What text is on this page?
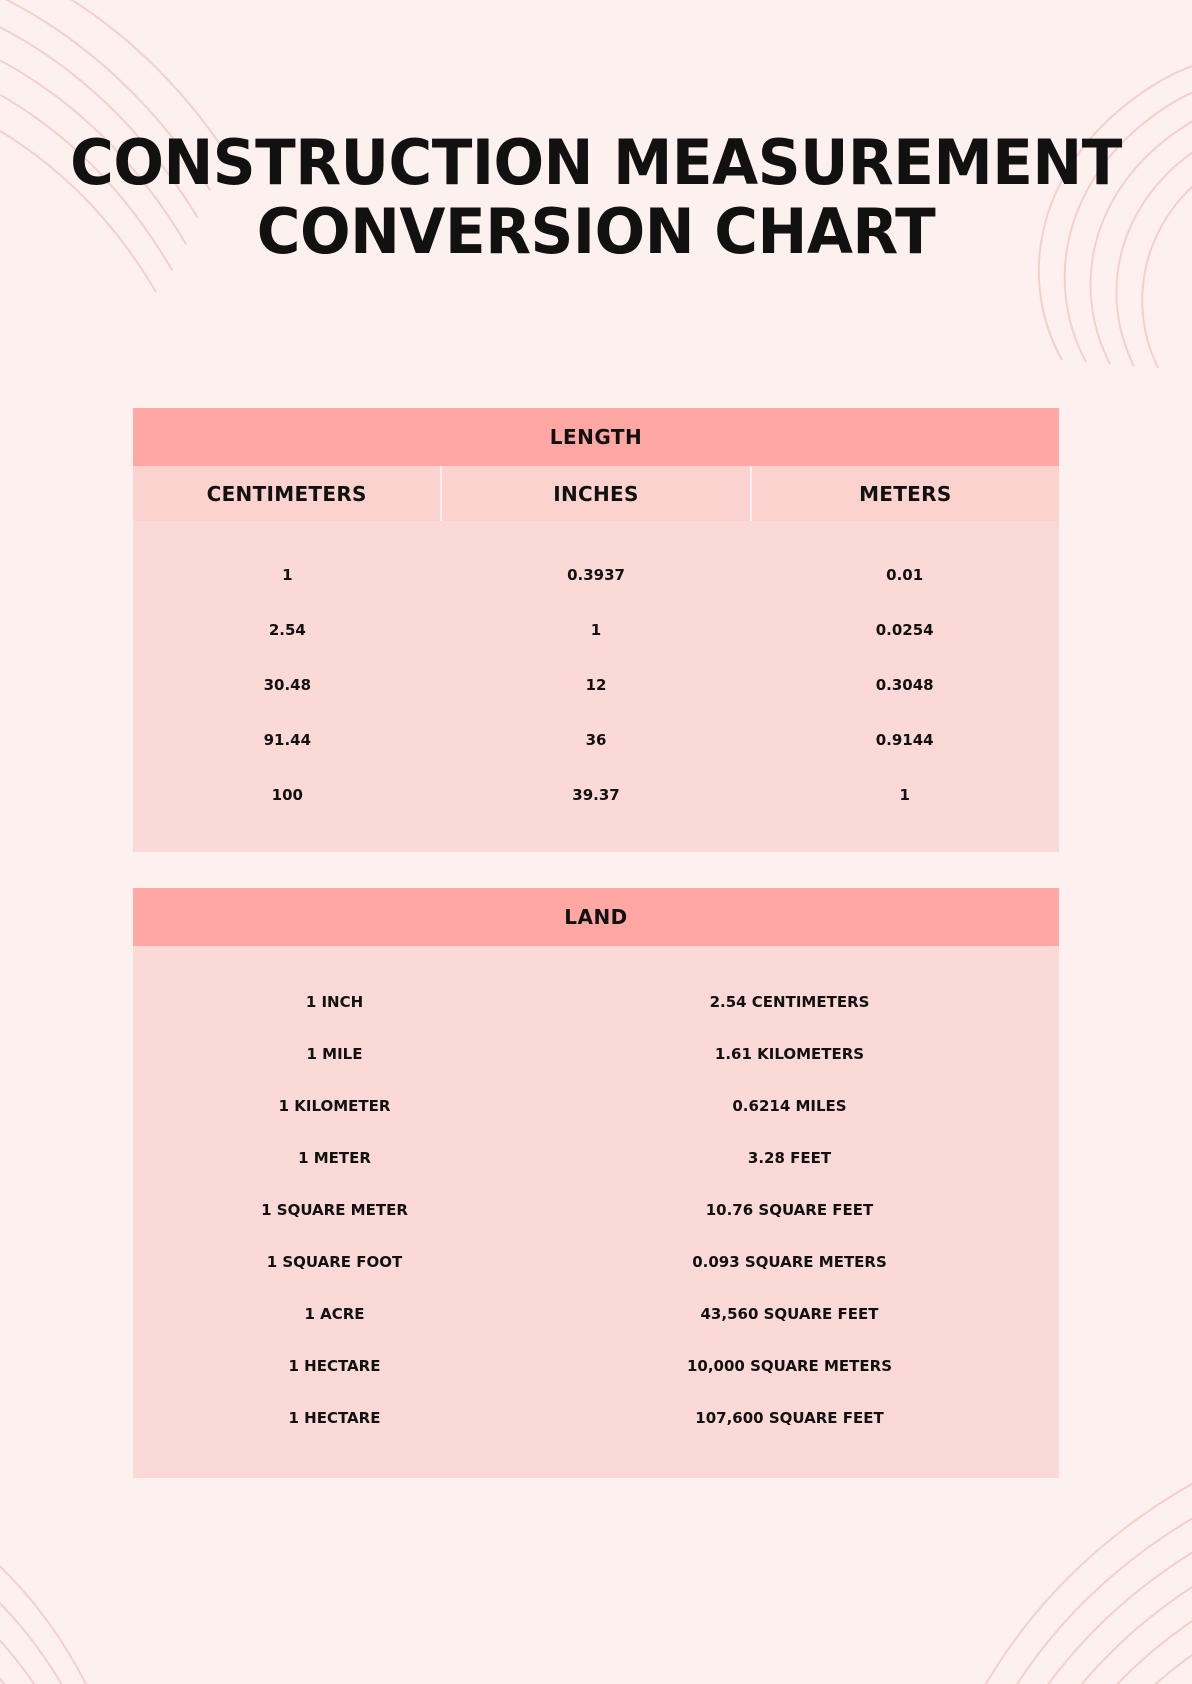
CONSTRUCTION MEASUREMENT
CONVERSION CHART
LENGTH
CENTIMETERS	INCHES	METERS
1	0.3937	0.01
2.54	1	0.0254
30.48	12	0.3048
91.44	36	0.9144
100	39.37	1
LAND
1 INCH	2.54 CENTIMETERS
1 MILE	1.61 KILOMETERS
1 KILOMETER	0.6214 MILES
1 METER	3.28 FEET
1 SQUARE METER	10.76 SQUARE FEET
1 SQUARE FOOT	0.093 SQUARE METERS
1 ACRE	43,560 SQUARE FEET
1 HECTARE	10,000 SQUARE METERS
1 HECTARE	107,600 SQUARE FEET
